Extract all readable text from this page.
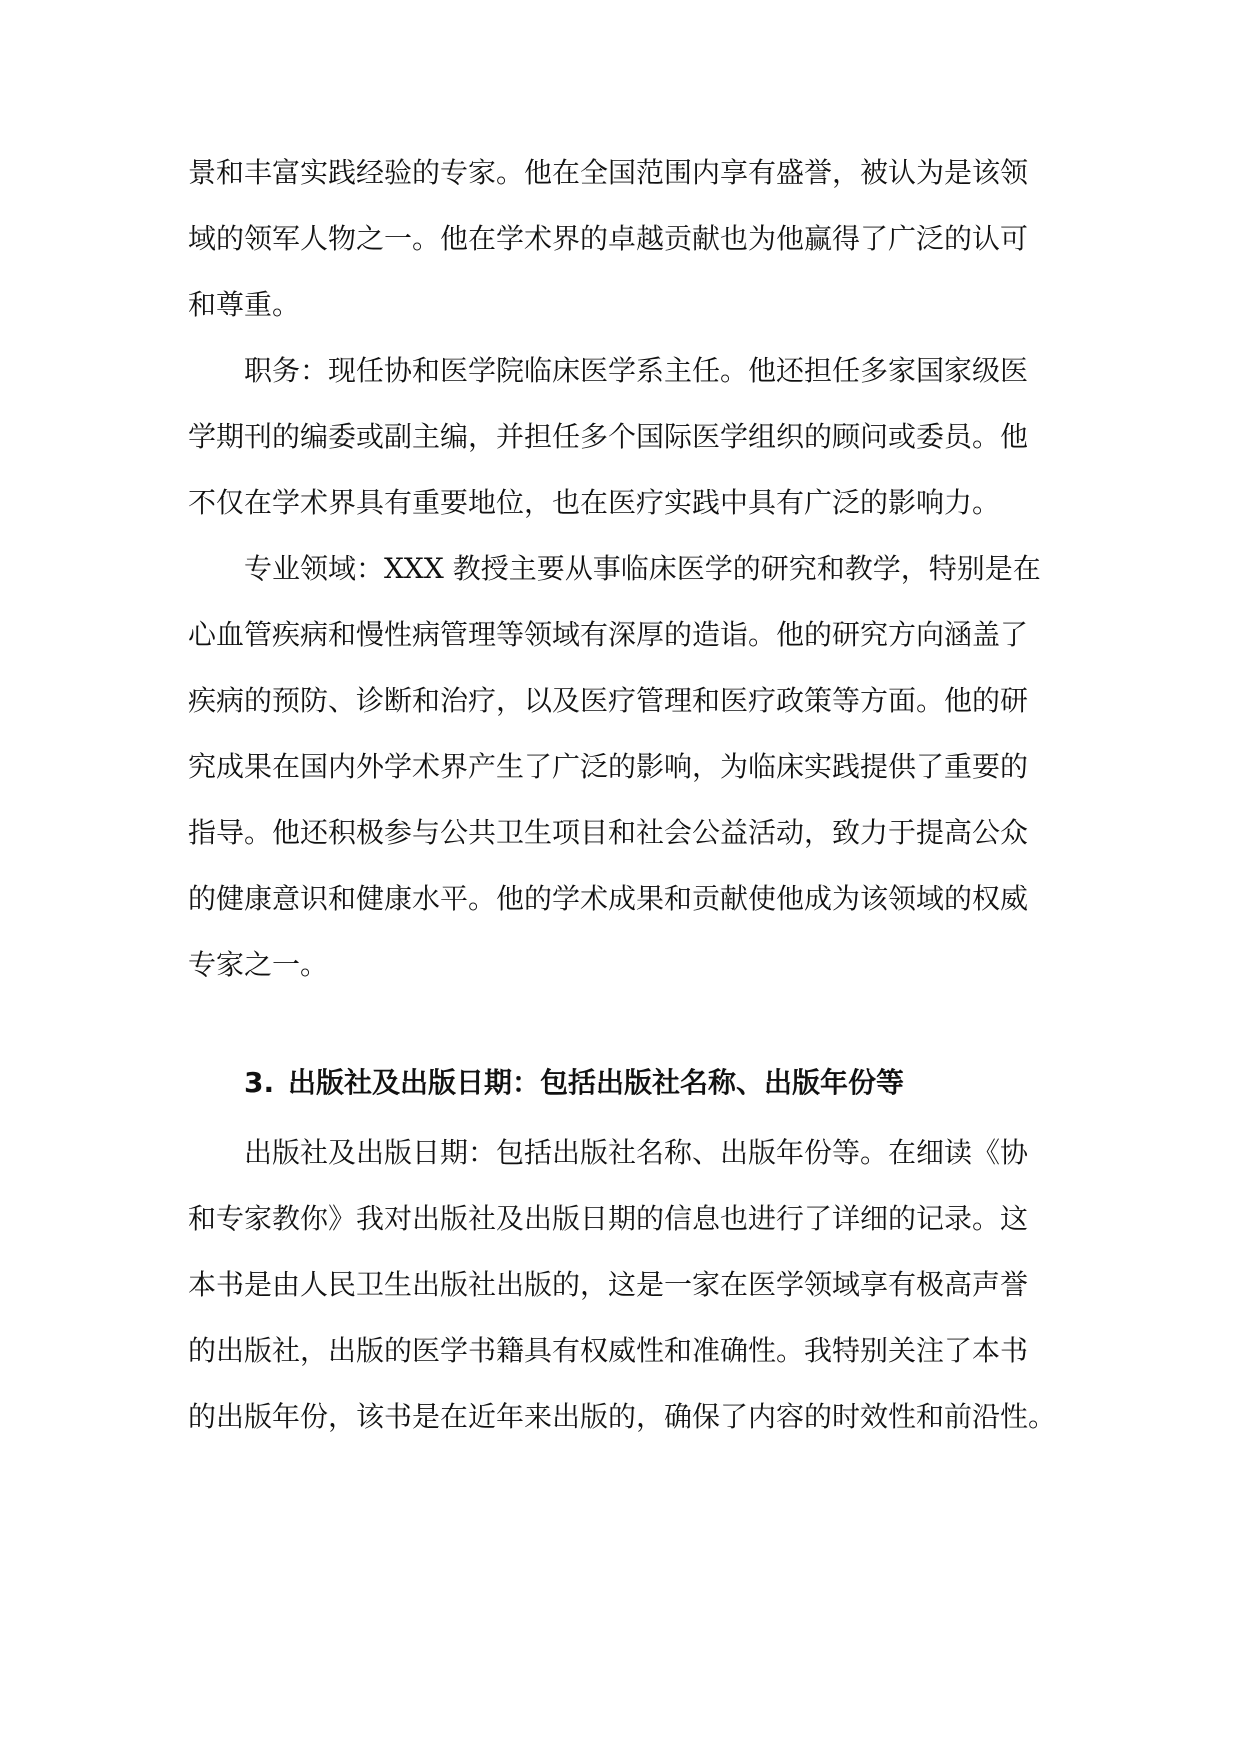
景和丰富实践经验的专家。他在全国范围内享有盛誉，被认为是该领
域的领军人物之一。他在学术界的卓越贡献也为他赢得了广泛的认可
和尊重。
职务：现任协和医学院临床医学系主任。他还担任多家国家级医
学期刊的编委或副主编，并担任多个国际医学组织的顾问或委员。他
不仅在学术界具有重要地位，也在医疗实践中具有广泛的影响力。
专业领域：XXX 教授主要从事临床医学的研究和教学，特别是在
心血管疾病和慢性病管理等领域有深厚的造诣。他的研究方向涵盖了
疾病的预防、诊断和治疗，以及医疗管理和医疗政策等方面。他的研
究成果在国内外学术界产生了广泛的影响，为临床实践提供了重要的
指导。他还积极参与公共卫生项目和社会公益活动，致力于提高公众
的健康意识和健康水平。他的学术成果和贡献使他成为该领域的权威
专家之一。
3. 出版社及出版日期：包括出版社名称、出版年份等
出版社及出版日期：包括出版社名称、出版年份等。在细读《协
和专家教你》我对出版社及出版日期的信息也进行了详细的记录。这
本书是由人民卫生出版社出版的，这是一家在医学领域享有极高声誉
的出版社，出版的医学书籍具有权威性和准确性。我特别关注了本书
的出版年份，该书是在近年来出版的，确保了内容的时效性和前沿性。
